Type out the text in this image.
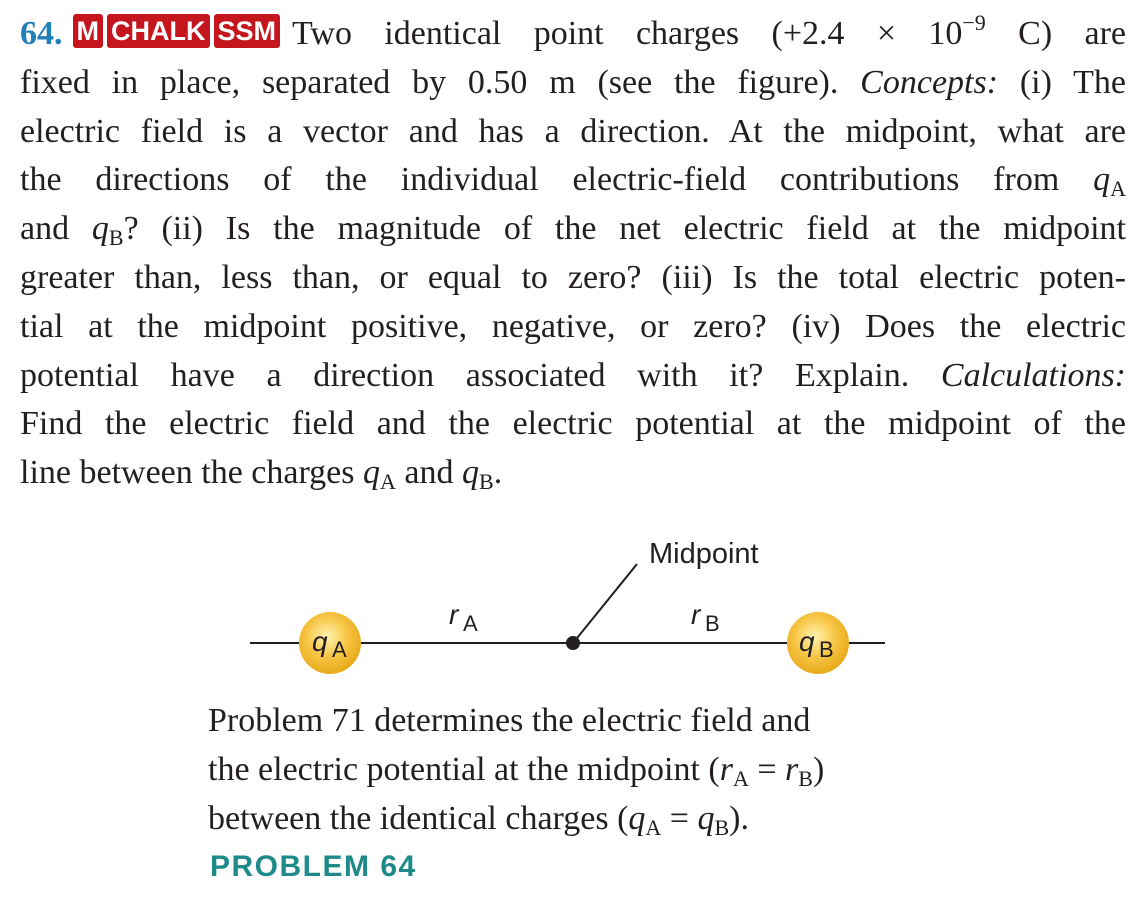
64. M CHALK SSM Two identical point charges ($+2.4 \times 10^{-9}$ C) are
fixed in place, separated by 0.50 m (see the figure). Concepts: (i) The
electric field is a vector and has a direction. At the midpoint, what are
the directions of the individual electric-field contributions from $q_A$
and $q_B$? (ii) Is the magnitude of the net electric field at the midpoint
greater than, less than, or equal to zero? (iii) Is the total electric poten-
tial at the midpoint positive, negative, or zero? (iv) Does the electric
potential have a direction associated with it? Explain. Calculations:
Find the electric field and the electric potential at the midpoint of the
line between the charges $q_A$ and $q_B$.
Midpoint
q A	q B
r A	r B
Problem 71 determines the electric field and
the electric potential at the midpoint $(r_A = r_B)$
between the identical charges $(q_A = q_B)$.
PROBLEM 64
